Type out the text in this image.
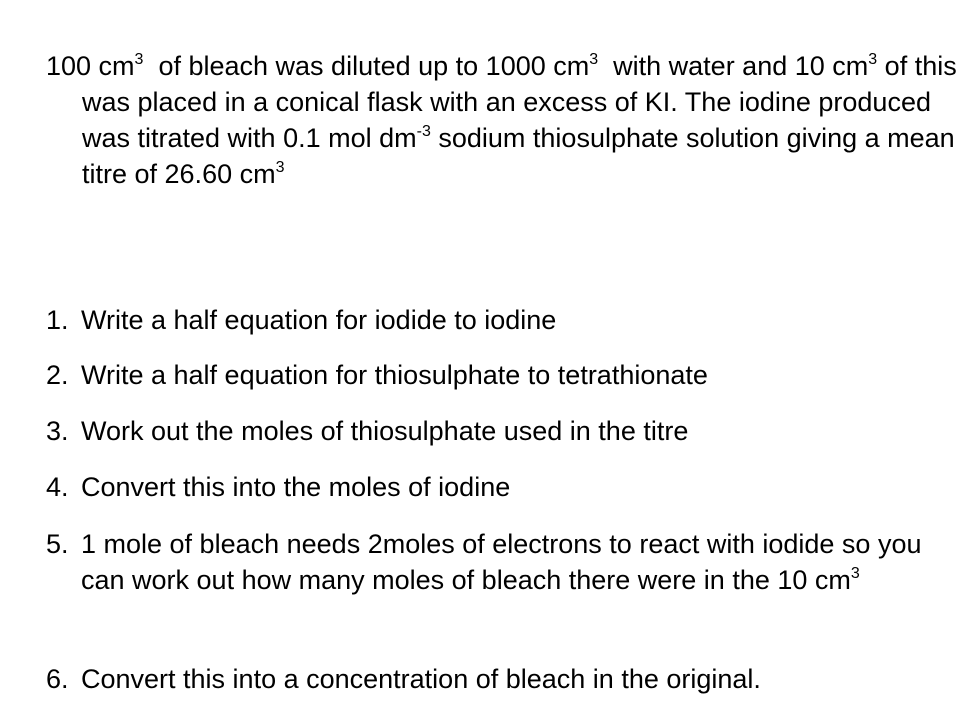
100 $cm^3$  of bleach was diluted up to 1000 $cm^3$  with water and 10 $cm^3$ of this was placed in a conical flask with an excess of KI. The iodine produced was titrated with 0.1 mol $dm^{-3}$ sodium thiosulphate solution giving a mean titre of 26.60 $cm^3$

1. Write a half equation for iodide to iodine
2. Write a half equation for thiosulphate to tetrathionate
3. Work out the moles of thiosulphate used in the titre
4. Convert this into the moles of iodine
5. 1 mole of bleach needs 2moles of electrons to react with iodide so you can work out how many moles of bleach there were in the 10 $cm^3$
6. Convert this into a concentration of bleach in the original.
